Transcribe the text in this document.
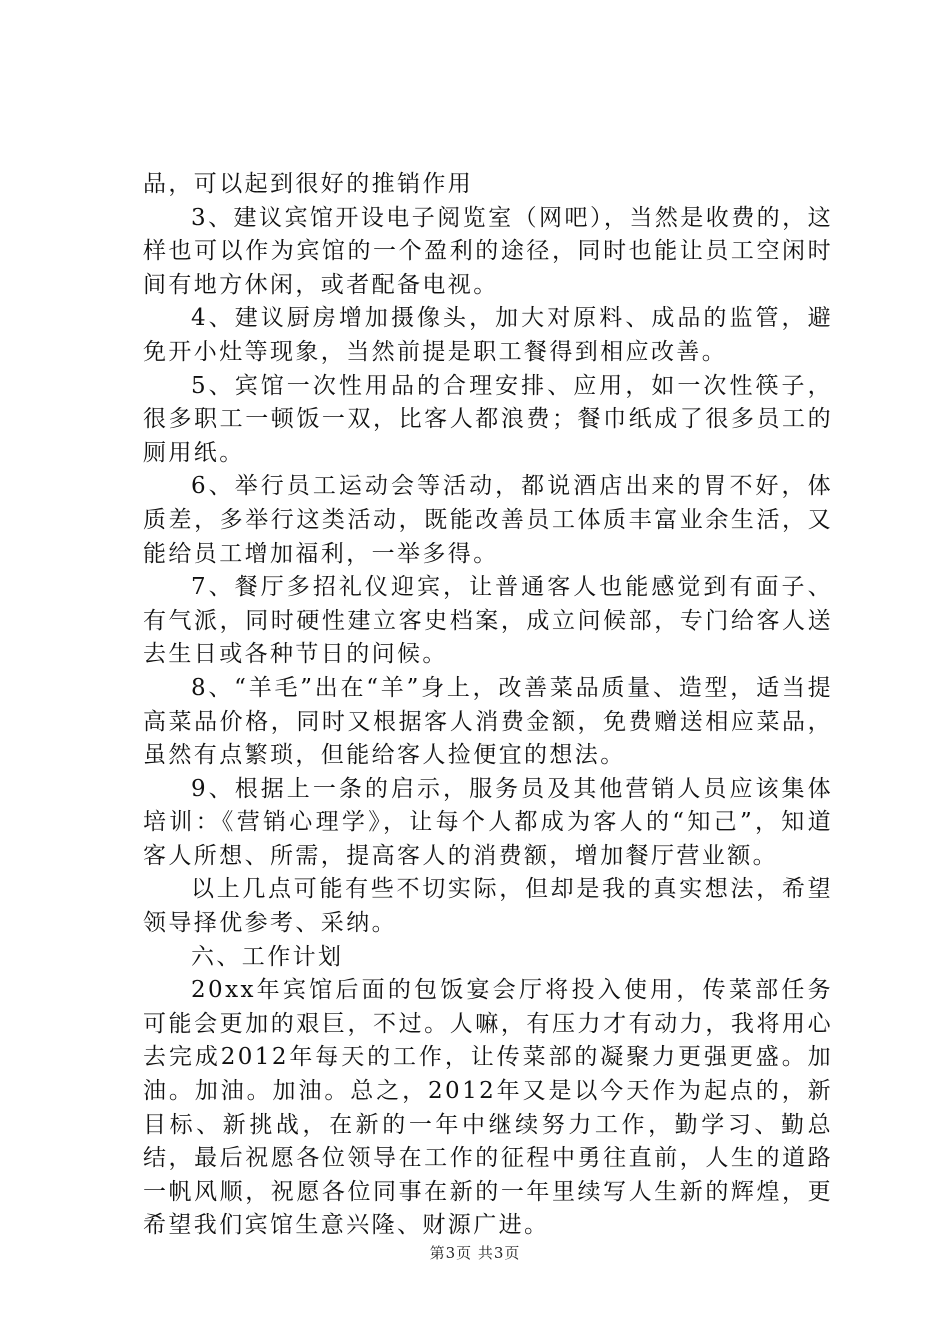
品，可以起到很好的推销作用

3、建议宾馆开设电子阅览室（网吧），当然是收费的，这样也可以作为宾馆的一个盈利的途径，同时也能让员工空闲时间有地方休闲，或者配备电视。

4、建议厨房增加摄像头，加大对原料、成品的监管，避免开小灶等现象，当然前提是职工餐得到相应改善。

5、宾馆一次性用品的合理安排、应用，如一次性筷子，很多职工一顿饭一双，比客人都浪费；餐巾纸成了很多员工的厕用纸。

6、举行员工运动会等活动，都说酒店出来的胃不好，体质差，多举行这类活动，既能改善员工体质丰富业余生活，又能给员工增加福利，一举多得。

7、餐厅多招礼仪迎宾，让普通客人也能感觉到有面子、有气派，同时硬性建立客史档案，成立问候部，专门给客人送去生日或各种节日的问候。

8、“羊毛”出在“羊”身上，改善菜品质量、造型，适当提高菜品价格，同时又根据客人消费金额，免费赠送相应菜品，虽然有点繁琐，但能给客人捡便宜的想法。

9、根据上一条的启示，服务员及其他营销人员应该集体培训：《营销心理学》，让每个人都成为客人的“知己”，知道客人所想、所需，提高客人的消费额，增加餐厅营业额。

以上几点可能有些不切实际，但却是我的真实想法，希望领导择优参考、采纳。

六、工作计划

20xx年宾馆后面的包饭宴会厅将投入使用，传菜部任务可能会更加的艰巨，不过。人嘛，有压力才有动力，我将用心去完成2012年每天的工作，让传菜部的凝聚力更强更盛。加油。加油。加油。总之，2012年又是以今天作为起点的，新目标、新挑战，在新的一年中继续努力工作，勤学习、勤总结，最后祝愿各位领导在工作的征程中勇往直前，人生的道路一帆风顺，祝愿各位同事在新的一年里续写人生新的辉煌，更希望我们宾馆生意兴隆、财源广进。

第3页 共3页
